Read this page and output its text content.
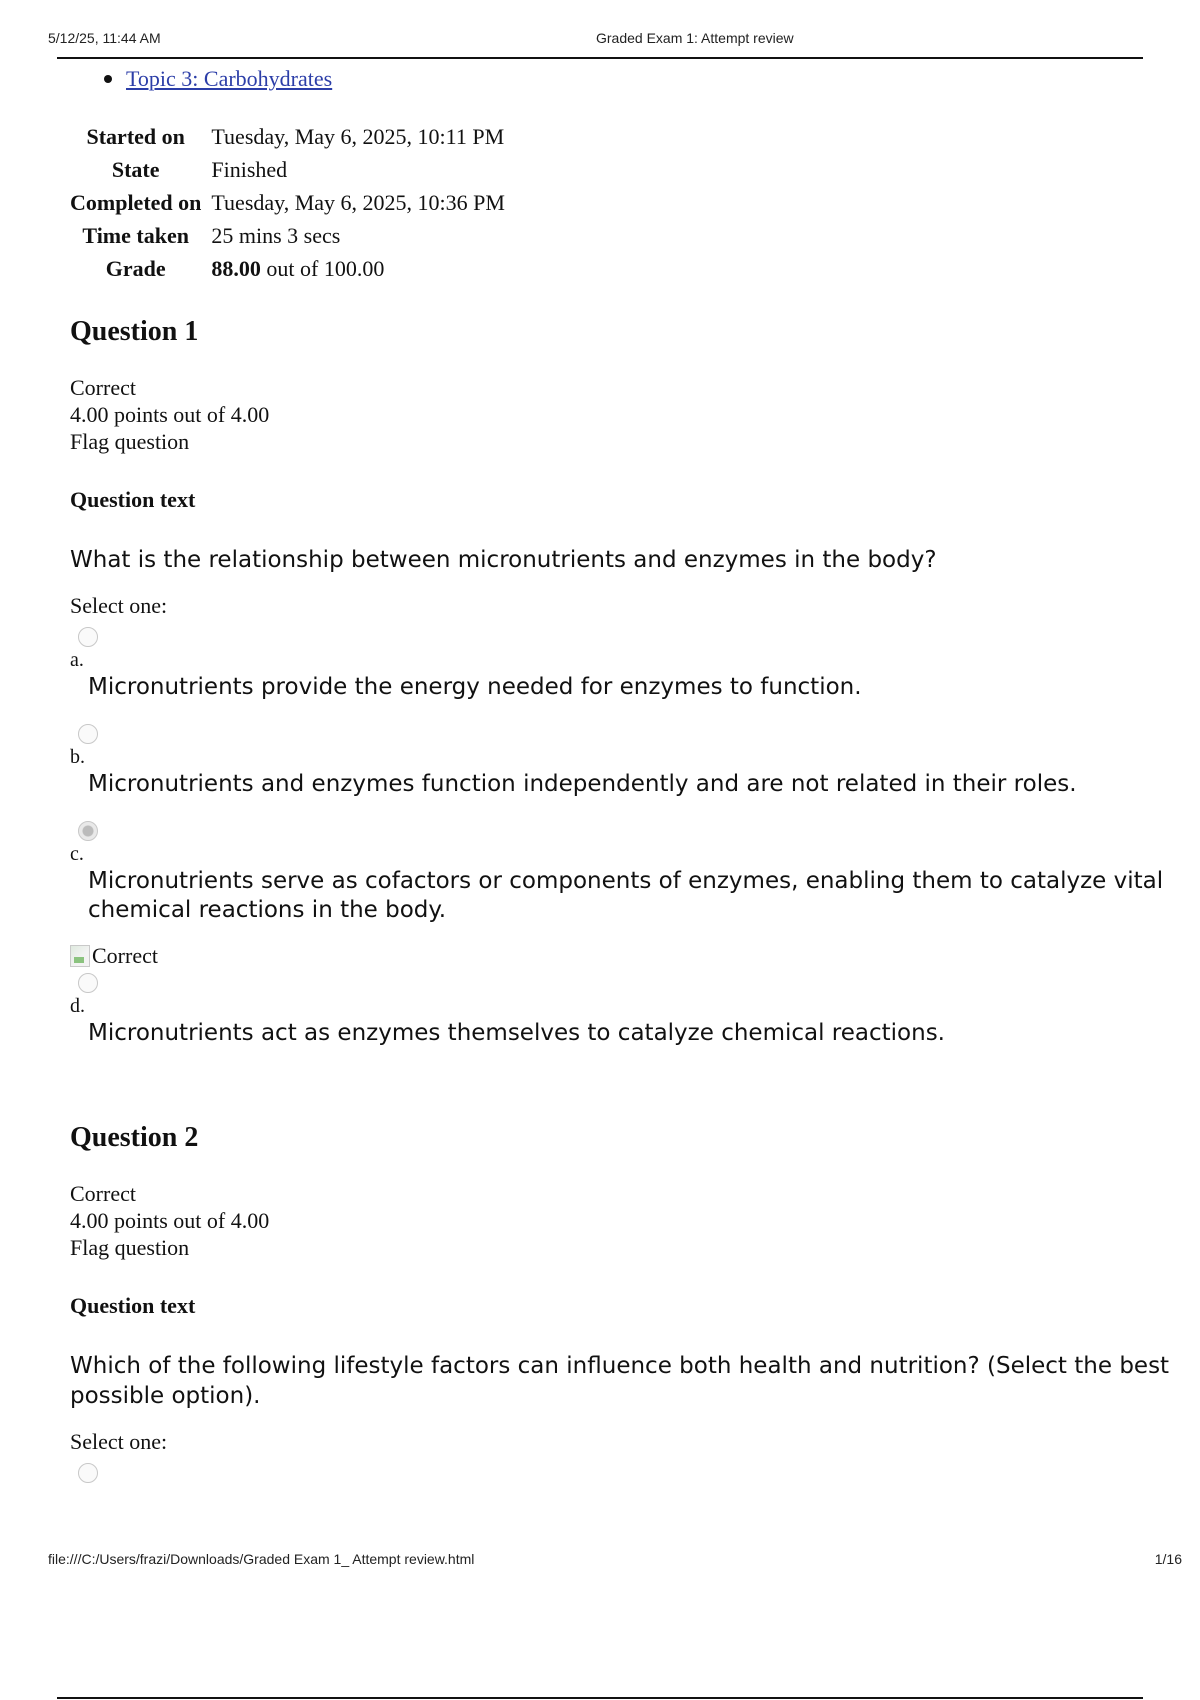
5/12/25, 11:44 AM	Graded Exam 1: Attempt review
Topic 3: Carbohydrates
Started on	Tuesday, May 6, 2025, 10:11 PM
State	Finished
Completed on	Tuesday, May 6, 2025, 10:36 PM
Time taken	25 mins 3 secs
Grade	88.00 out of 100.00
Question 1
Correct
4.00 points out of 4.00
Flag question
Question text
What is the relationship between micronutrients and enzymes in the body?
Select one:
a.
Micronutrients provide the energy needed for enzymes to function.
b.
Micronutrients and enzymes function independently and are not related in their roles.
c.
Micronutrients serve as cofactors or components of enzymes, enabling them to catalyze vital chemical reactions in the body.
Correct
d.
Micronutrients act as enzymes themselves to catalyze chemical reactions.
Question 2
Correct
4.00 points out of 4.00
Flag question
Question text
Which of the following lifestyle factors can influence both health and nutrition? (Select the best possible option).
Select one:
file:///C:/Users/frazi/Downloads/Graded Exam 1_ Attempt review.html	1/16
